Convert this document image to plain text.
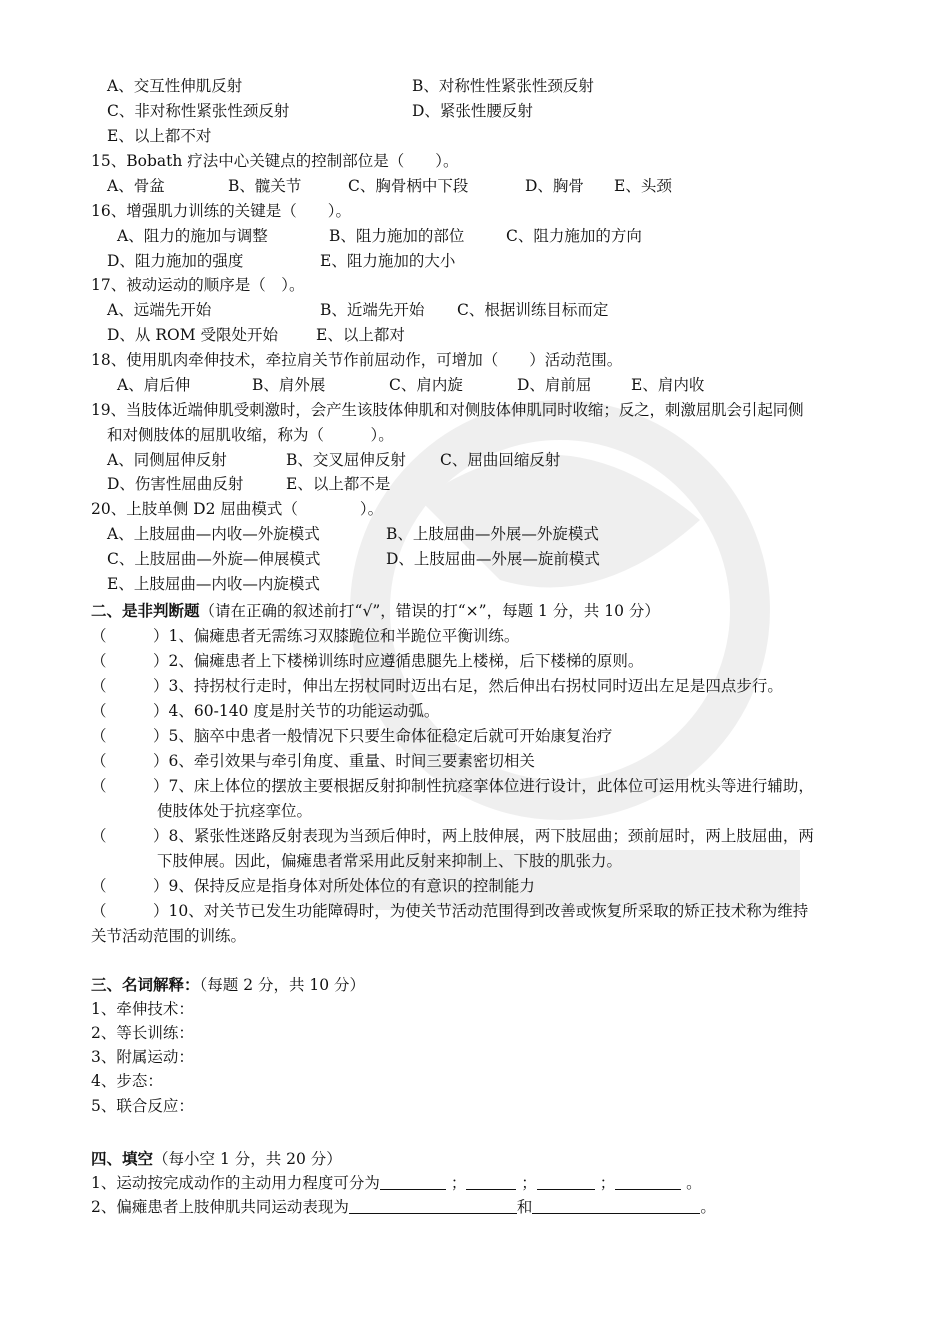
A、交互性伸肌反射	B、对称性性紧张性颈反射
C、非对称性紧张性颈反射	D、紧张性腰反射
E、以上都不对
15、Bobath 疗法中心关键点的控制部位是（　　）。
A、骨盆	B、髋关节	C、胸骨柄中下段	D、胸骨 E、头颈
16、增强肌力训练的关键是（　　）。
A、阻力的施加与调整	B、阻力施加的部位	C、阻力施加的方向
D、阻力施加的强度	E、阻力施加的大小
17、被动运动的顺序是（　）。
A、远端先开始	B、近端先开始 C、根据训练目标而定
D、从 ROM 受限处开始 E、以上都对
18、使用肌肉牵伸技术，牵拉肩关节作前屈动作，可增加（　　）活动范围。
A、肩后伸	B、肩外展	C、肩内旋	D、肩前屈	E、肩内收
19、当肢体近端伸肌受刺激时，会产生该肢体伸肌和对侧肢体伸肌同时收缩；反之，刺激屈肌会引起同侧
和对侧肢体的屈肌收缩，称为（　　　）。
A、同侧屈伸反射	B、交叉屈伸反射 C、屈曲回缩反射
D、伤害性屈曲反射	E、以上都不是
20、上肢单侧 D2 屈曲模式（　　　　）。
A、上肢屈曲—内收—外旋模式	B、上肢屈曲—外展—外旋模式
C、上肢屈曲—外旋—伸展模式	D、上肢屈曲—外展—旋前模式
E、上肢屈曲—内收—内旋模式
二、是非判断题（请在正确的叙述前打“√”，错误的打“×”，每题 1 分，共 10 分）
（　　　）1、偏瘫患者无需练习双膝跪位和半跪位平衡训练。
（　　　）2、偏瘫患者上下楼梯训练时应遵循患腿先上楼梯，后下楼梯的原则。
（　　　）3、持拐杖行走时，伸出左拐杖同时迈出右足，然后伸出右拐杖同时迈出左足是四点步行。
（　　　）4、60-140 度是肘关节的功能运动弧。
（　　　）5、脑卒中患者一般情况下只要生命体征稳定后就可开始康复治疗
（　　　）6、牵引效果与牵引角度、重量、时间三要素密切相关
（　　　）7、床上体位的摆放主要根据反射抑制性抗痉挛体位进行设计，此体位可运用枕头等进行辅助，
使肢体处于抗痉挛位。
（　　　）8、紧张性迷路反射表现为当颈后伸时，两上肢伸展，两下肢屈曲；颈前屈时，两上肢屈曲，两
下肢伸展。因此，偏瘫患者常采用此反射来抑制上、下肢的肌张力。
（　　　）9、保持反应是指身体对所处体位的有意识的控制能力
（　　　）10、对关节已发生功能障碍时，为使关节活动范围得到改善或恢复所采取的矫正技术称为维持
关节活动范围的训练。
三、名词解释：（每题 2 分，共 10 分）
1、牵伸技术：
2、等长训练：
3、附属运动：
4、步态：
5、联合反应：
四、填空（每小空 1 分，共 20 分）
1、运动按完成动作的主动用力程度可分为	；	；	；	。
2、偏瘫患者上肢伸肌共同运动表现为	和	。
